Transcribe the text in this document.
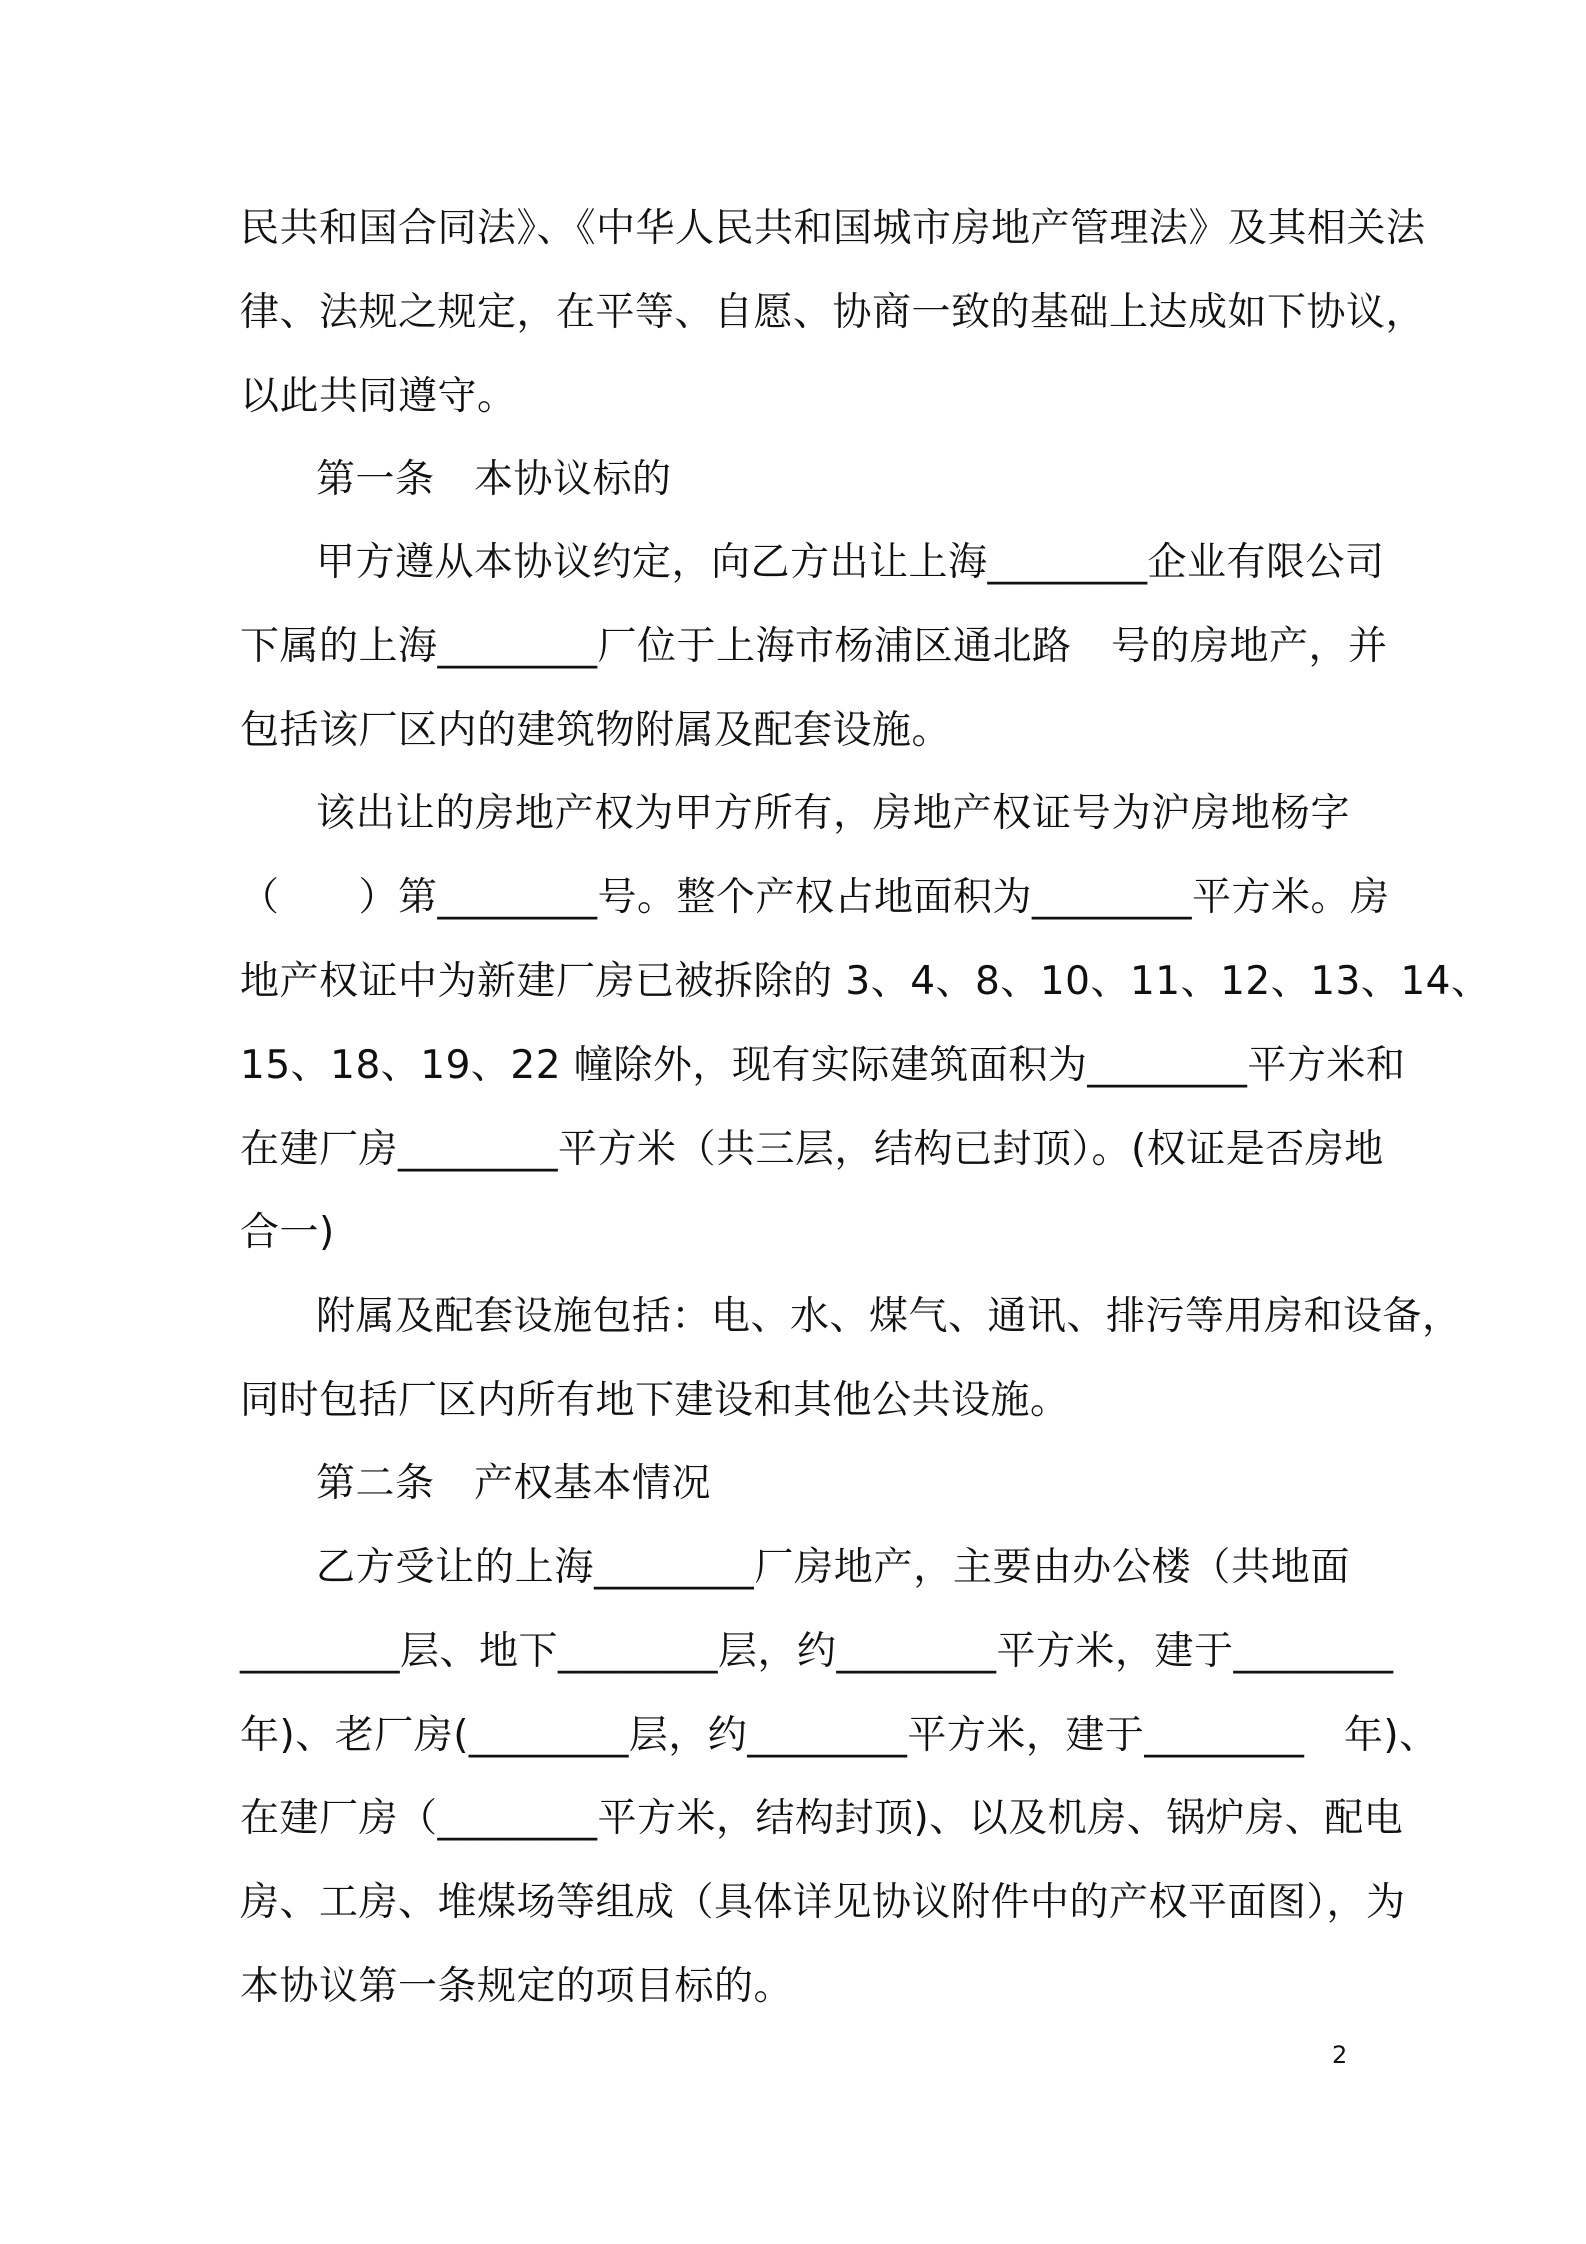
民共和国合同法》、《中华人民共和国城市房地产管理法》及其相关法
律、法规之规定，在平等、自愿、协商一致的基础上达成如下协议，
以此共同遵守。
第一条　本协议标的
甲方遵从本协议约定，向乙方出让上海________企业有限公司
下属的上海________厂位于上海市杨浦区通北路　号的房地产，并
包括该厂区内的建筑物附属及配套设施。
该出让的房地产权为甲方所有，房地产权证号为沪房地杨字
（　　）第________号。整个产权占地面积为________平方米。房
地产权证中为新建厂房已被拆除的 3、4、8、10、11、12、13、14、
15、18、19、22 幢除外，现有实际建筑面积为________平方米和
在建厂房________平方米（共三层，结构已封顶）。(权证是否房地
合一)
附属及配套设施包括：电、水、煤气、通讯、排污等用房和设备，
同时包括厂区内所有地下建设和其他公共设施。
第二条　产权基本情况
乙方受让的上海________厂房地产，主要由办公楼（共地面
________层、地下________层，约________平方米，建于________
年)、老厂房(________层，约________平方米，建于________　年)、
在建厂房（________平方米，结构封顶)、以及机房、锅炉房、配电
房、工房、堆煤场等组成（具体详见协议附件中的产权平面图），为
本协议第一条规定的项目标的。
2
